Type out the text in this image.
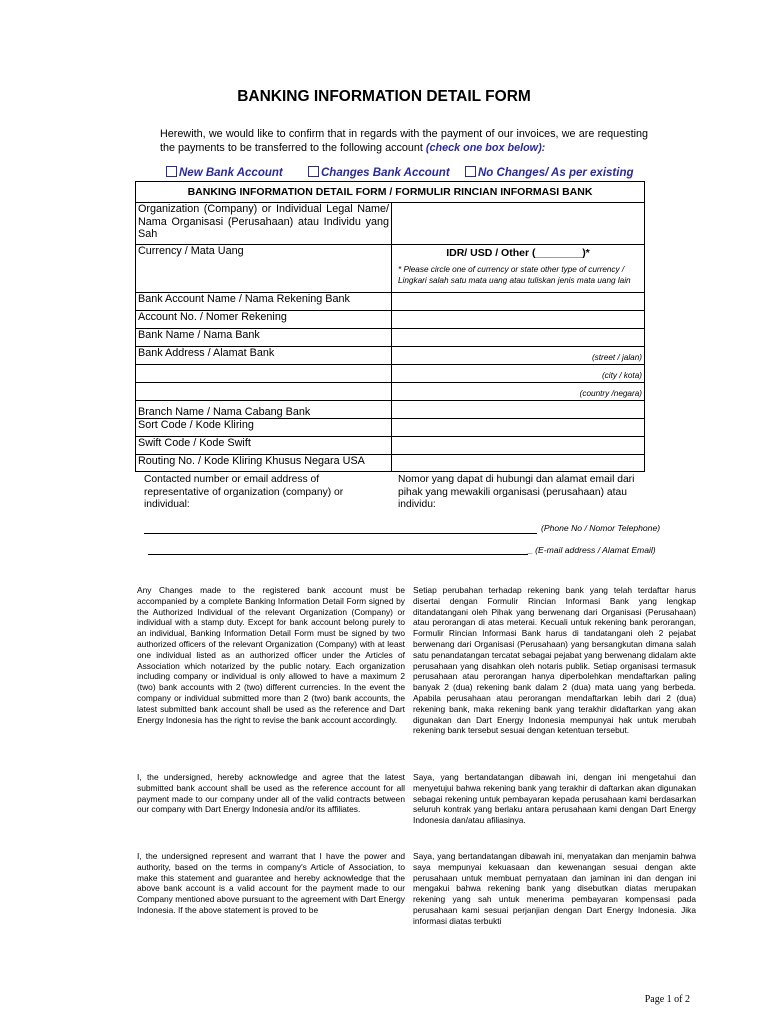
BANKING INFORMATION DETAIL FORM
Herewith, we would like to confirm that in regards with the payment of our invoices, we are requesting the payments to be transferred to the following account (check one box below):
New Bank Account	Changes Bank Account	No Changes/ As per existing
BANKING INFORMATION DETAIL FORM / FORMULIR RINCIAN INFORMASI BANK	
Organization (Company) or Individual Legal Name/ Nama Organisasi (Perusahaan) atau Individu yang Sah	
Currency / Mata Uang	IDR/ USD / Other (________)*
* Please circle one of currency or state other type of currency / Lingkari salah satu mata uang atau tuliskan jenis mata uang lain

Bank Account Name / Nama Rekening Bank	
Account No. / Nomer Rekening	
Bank Name / Nama Bank	
Bank Address / Alamat Bank	(street / jalan)
	(city / kota)
	(country /negara)
Branch Name / Nama Cabang Bank	
Sort Code / Kode Kliring	
Swift Code / Kode Swift	
Routing No. / Kode Kliring Khusus Negara USA	
Contacted number or email address of representative of organization (company) or individual:
Nomor yang dapat di hubungi dan alamat email dari pihak yang mewakili organisasi (perusahaan) atau individu:
(Phone No / Nomor Telephone)
_ (E-mail address / Alamat Email)
Any Changes made to the registered bank account must be accompanied by a complete Banking Information Detail Form signed by the Authorized Individual of the relevant Organization (Company) or individual with a stamp duty. Except for bank account belong purely to an individual, Banking Information Detail Form must be signed by two authorized officers of the relevant Organization (Company) with at least one individual listed as an authorized officer under the Articles of Association which notarized by the public notary. Each organization including company or individual is only allowed to have a maximum 2 (two) bank accounts with 2 (two) different currencies. In the event the company or individual submitted more than 2 (two) bank accounts, the latest submitted bank account shall be used as the reference and Dart Energy Indonesia has the right to revise the bank account accordingly.
Setiap perubahan terhadap rekening bank yang telah terdaftar harus disertai dengan Formulir Rincian Informasi Bank yang lengkap ditandatangani oleh Pihak yang berwenang dari Organisasi (Perusahaan) atau perorangan di atas meterai. Kecuali untuk rekening bank perorangan, Formulir Rincian Informasi Bank harus di tandatangani oleh 2 pejabat berwenang dari Organisasi (Perusahaan) yang bersangkutan dimana salah satu penandatangan tercatat sebagai pejabat yang berwenang didalam akte perusahaan yang disahkan oleh notaris publik. Setiap organisasi termasuk perusahaan atau perorangan hanya diperbolehkan mendaftarkan paling banyak 2 (dua) rekening bank dalam 2 (dua) mata uang yang berbeda. Apabila perusahaan atau perorangan mendaftarkan lebih dari 2 (dua) rekening bank, maka rekening bank yang terakhir didaftarkan yang akan digunakan dan Dart Energy Indonesia mempunyai hak untuk merubah rekening bank tersebut sesuai dengan ketentuan tersebut.
I, the undersigned, hereby acknowledge and agree that the latest submitted bank account shall be used as the reference account for all payment made to our company under all of the valid contracts between our company with Dart Energy Indonesia and/or its affiliates.
Saya, yang bertandatangan dibawah ini, dengan ini mengetahui dan menyetujui bahwa rekening bank yang terakhir di daftarkan akan digunakan sebagai rekening untuk pembayaran kepada perusahaan kami berdasarkan seluruh kontrak yang berlaku antara perusahaan kami dengan Dart Energy Indonesia dan/atau afiliasinya.
I, the undersigned represent and warrant that I have the power and authority, based on the terms in company's Article of Association, to make this statement and guarantee and hereby acknowledge that the above bank account is a valid account for the payment made to our Company mentioned above pursuant to the agreement with Dart Energy Indonesia. If the above statement is proved to be
Saya, yang bertandatangan dibawah ini, menyatakan dan menjamin bahwa saya mempunyai kekuasaan dan kewenangan sesuai dengan akte perusahaan untuk membuat pernyataan dan jaminan ini dan dengan ini mengakui bahwa rekening bank yang disebutkan diatas merupakan rekening yang sah untuk menerima pembayaran kompensasi pada perusahaan kami sesuai perjanjian dengan Dart Energy Indonesia. Jika informasi diatas terbukti
Page 1 of 2
